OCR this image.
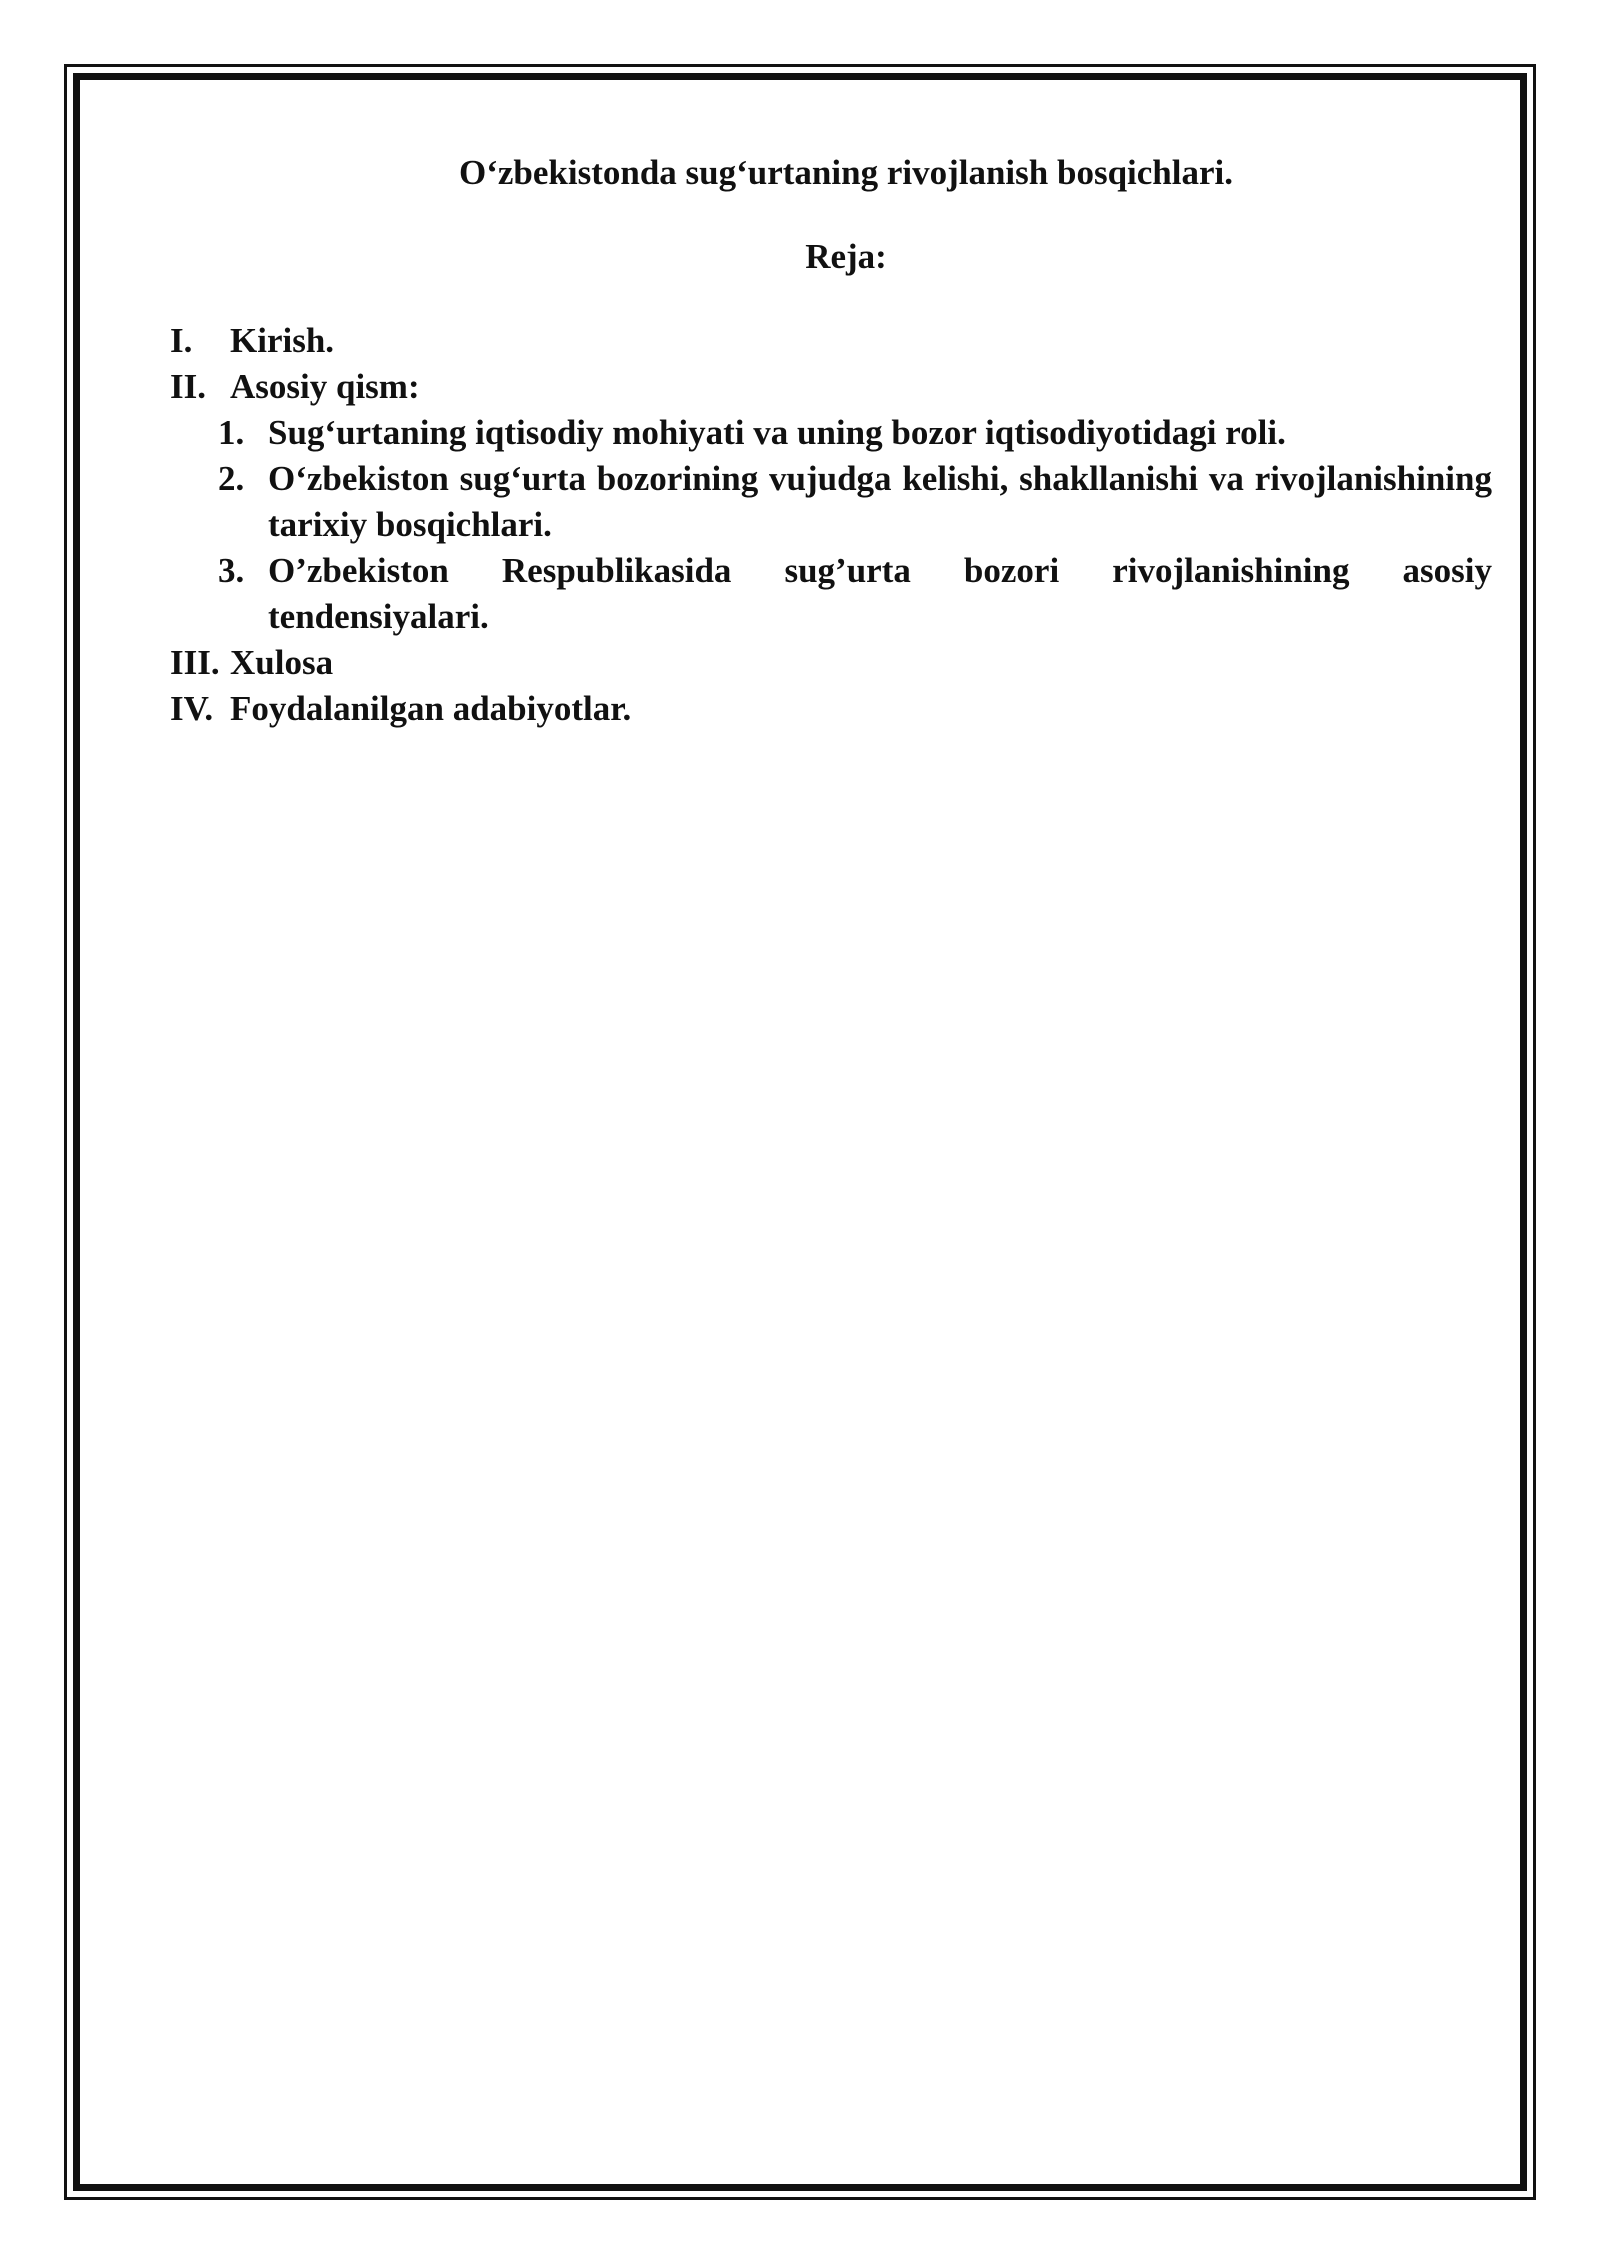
O‘zbekistonda sug‘urtaning rivojlanish bosqichlari.
Reja:
I. Kirish.
II. Asosiy qism:
1. Sug‘urtaning iqtisodiy mohiyati va uning bozor iqtisodiyotidagi roli.
2. O‘zbekiston sug‘urta bozorining vujudga kelishi, shakllanishi va rivojlanishining tarixiy bosqichlari.
3. O’zbekiston Respublikasida sug’urta bozori rivojlanishining asosiy tendensiyalari.
III. Xulosa
IV. Foydalanilgan adabiyotlar.
